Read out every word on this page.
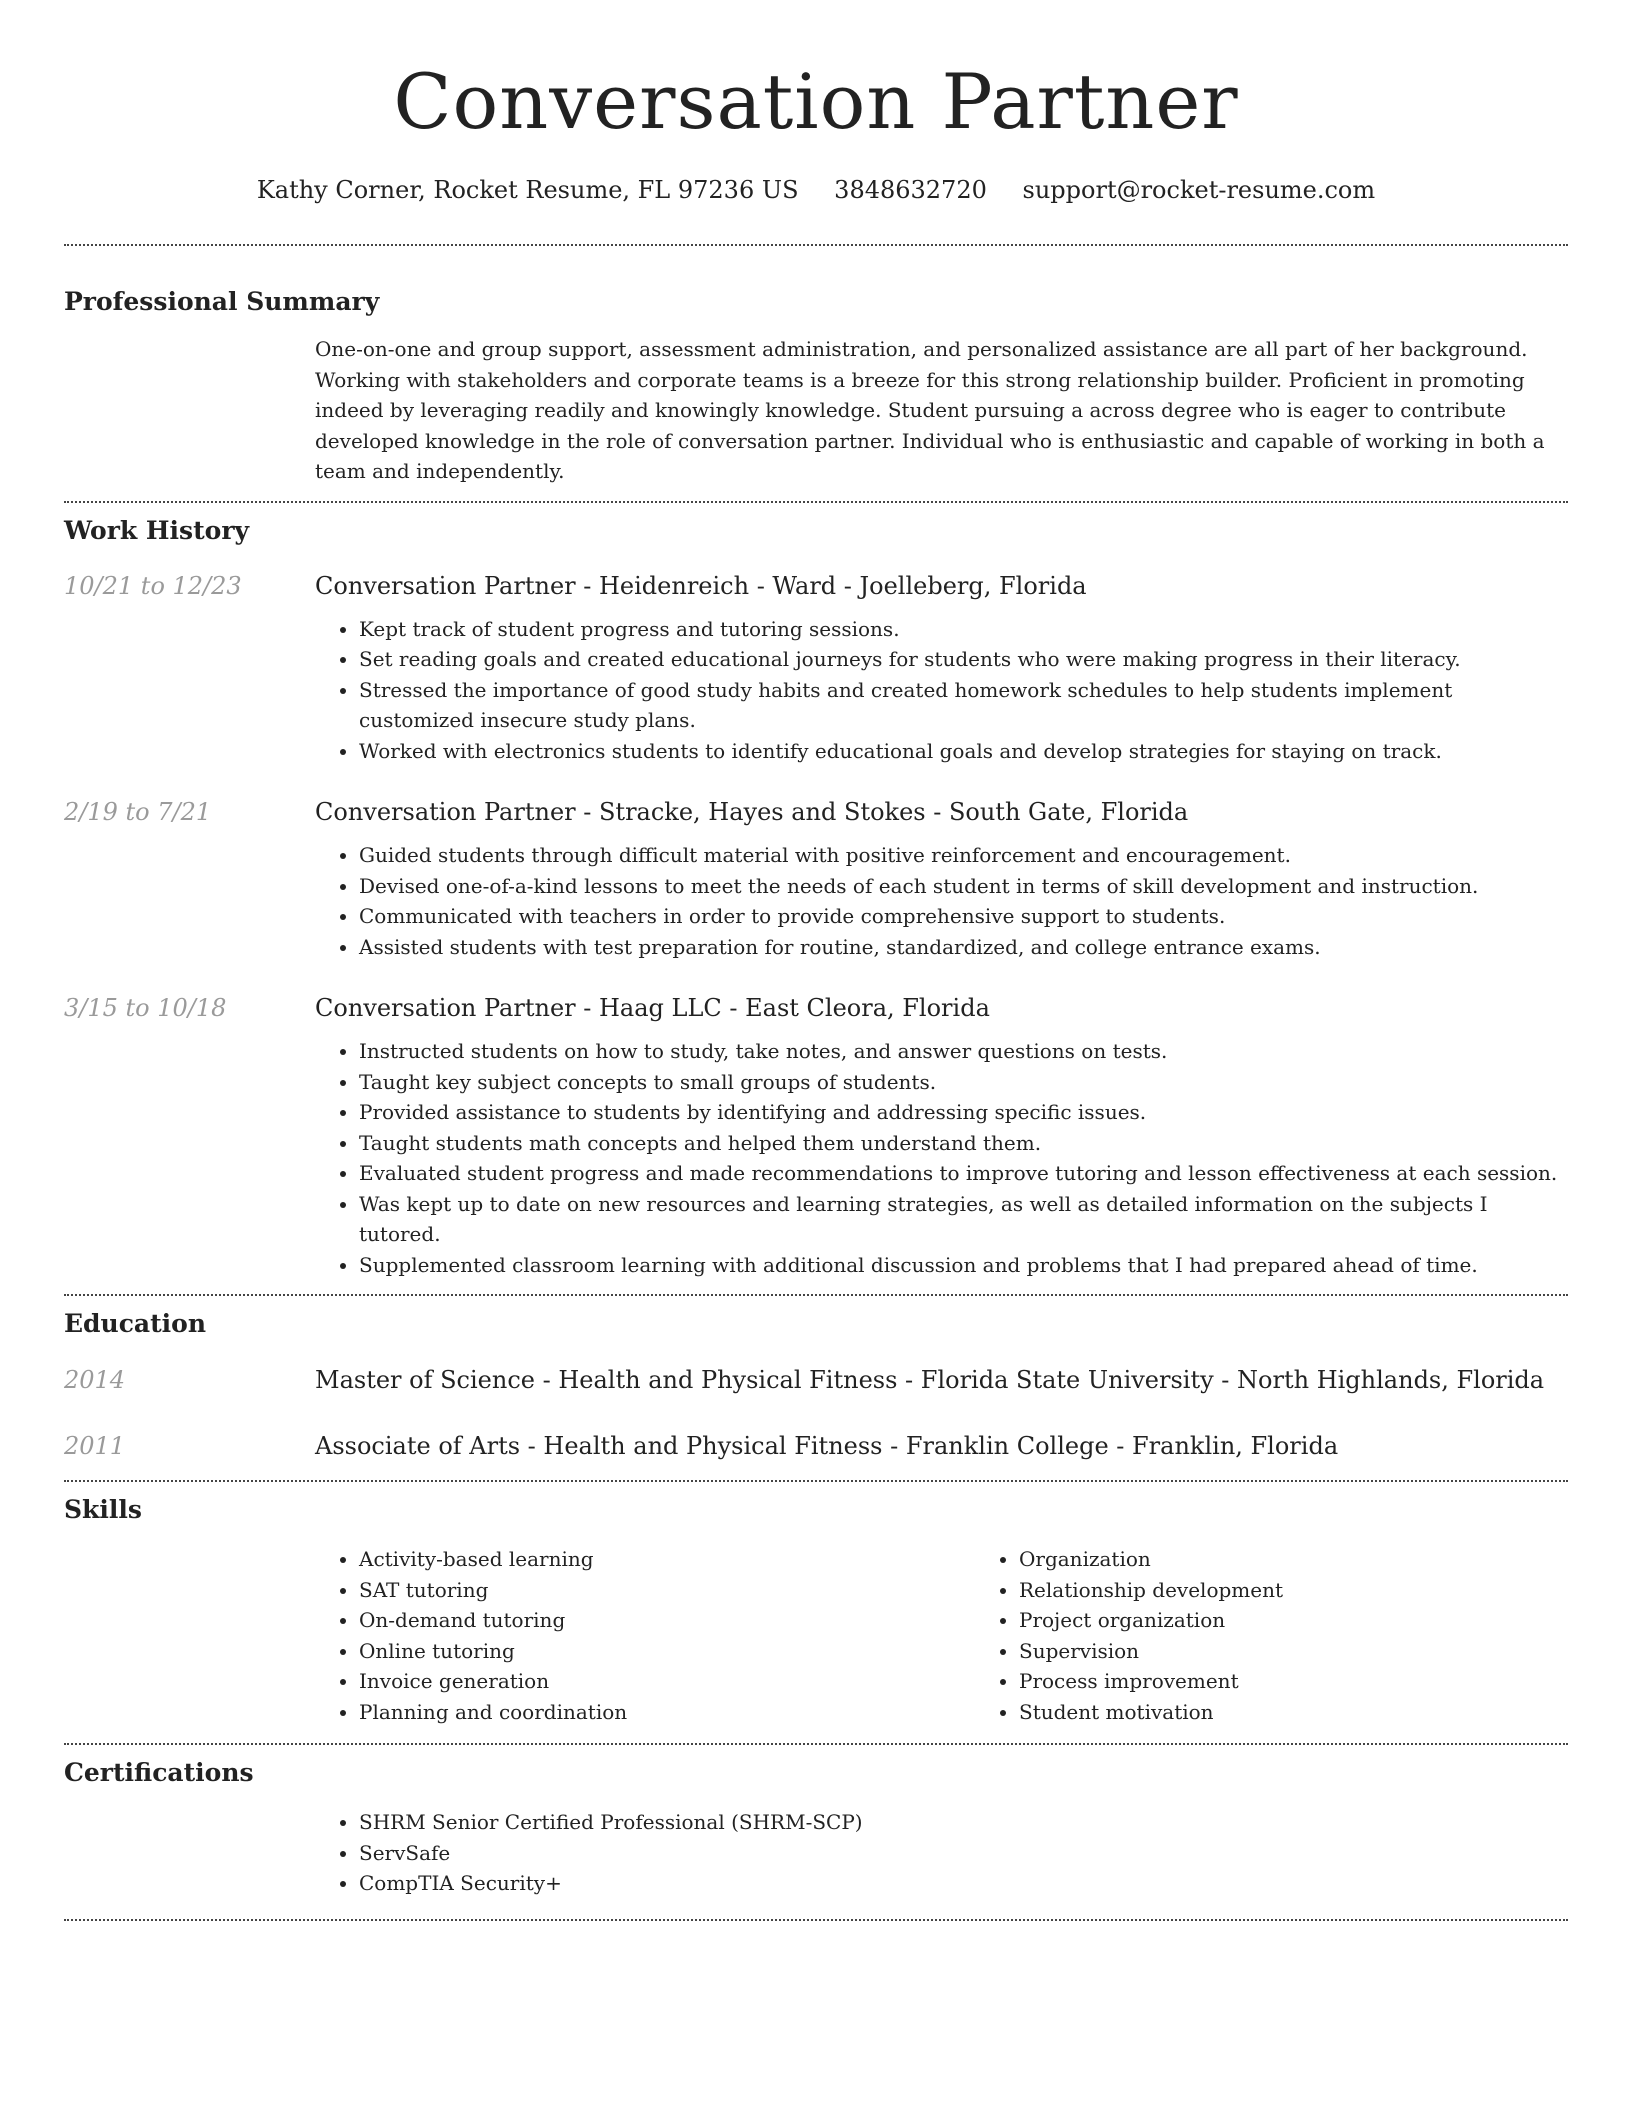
Conversation Partner
Kathy Corner, Rocket Resume, FL 97236 US 3848632720 support@rocket-resume.com
Professional Summary

One-on-one and group support, assessment administration, and personalized assistance are all part of her background. Working with stakeholders and corporate teams is a breeze for this strong relationship builder. Proficient in promoting indeed by leveraging readily and knowingly knowledge. Student pursuing a across degree who is eager to contribute developed knowledge in the role of conversation partner. Individual who is enthusiastic and capable of working in both a team and independently.

Work History
10/21 to 12/23	Conversation Partner - Heidenreich - Ward - Joelleberg, Florida
• Kept track of student progress and tutoring sessions.
• Set reading goals and created educational journeys for students who were making progress in their literacy.
• Stressed the importance of good study habits and created homework schedules to help students implement customized insecure study plans.
• Worked with electronics students to identify educational goals and develop strategies for staying on track.
2/19 to 7/21	Conversation Partner - Stracke, Hayes and Stokes - South Gate, Florida
• Guided students through difficult material with positive reinforcement and encouragement.
• Devised one-of-a-kind lessons to meet the needs of each student in terms of skill development and instruction.
• Communicated with teachers in order to provide comprehensive support to students.
• Assisted students with test preparation for routine, standardized, and college entrance exams.
3/15 to 10/18	Conversation Partner - Haag LLC - East Cleora, Florida
• Instructed students on how to study, take notes, and answer questions on tests.
• Taught key subject concepts to small groups of students.
• Provided assistance to students by identifying and addressing specific issues.
• Taught students math concepts and helped them understand them.
• Evaluated student progress and made recommendations to improve tutoring and lesson effectiveness at each session.
• Was kept up to date on new resources and learning strategies, as well as detailed information on the subjects I tutored.
• Supplemented classroom learning with additional discussion and problems that I had prepared ahead of time.
Education
2014	Master of Science - Health and Physical Fitness - Florida State University - North Highlands, Florida
2011	Associate of Arts - Health and Physical Fitness - Franklin College - Franklin, Florida
Skills
• Activity-based learning
• SAT tutoring
• On-demand tutoring
• Online tutoring
• Invoice generation
• Planning and coordination
• Organization
• Relationship development
• Project organization
• Supervision
• Process improvement
• Student motivation
Certifications
• SHRM Senior Certified Professional (SHRM-SCP)
• ServSafe
• CompTIA Security+
